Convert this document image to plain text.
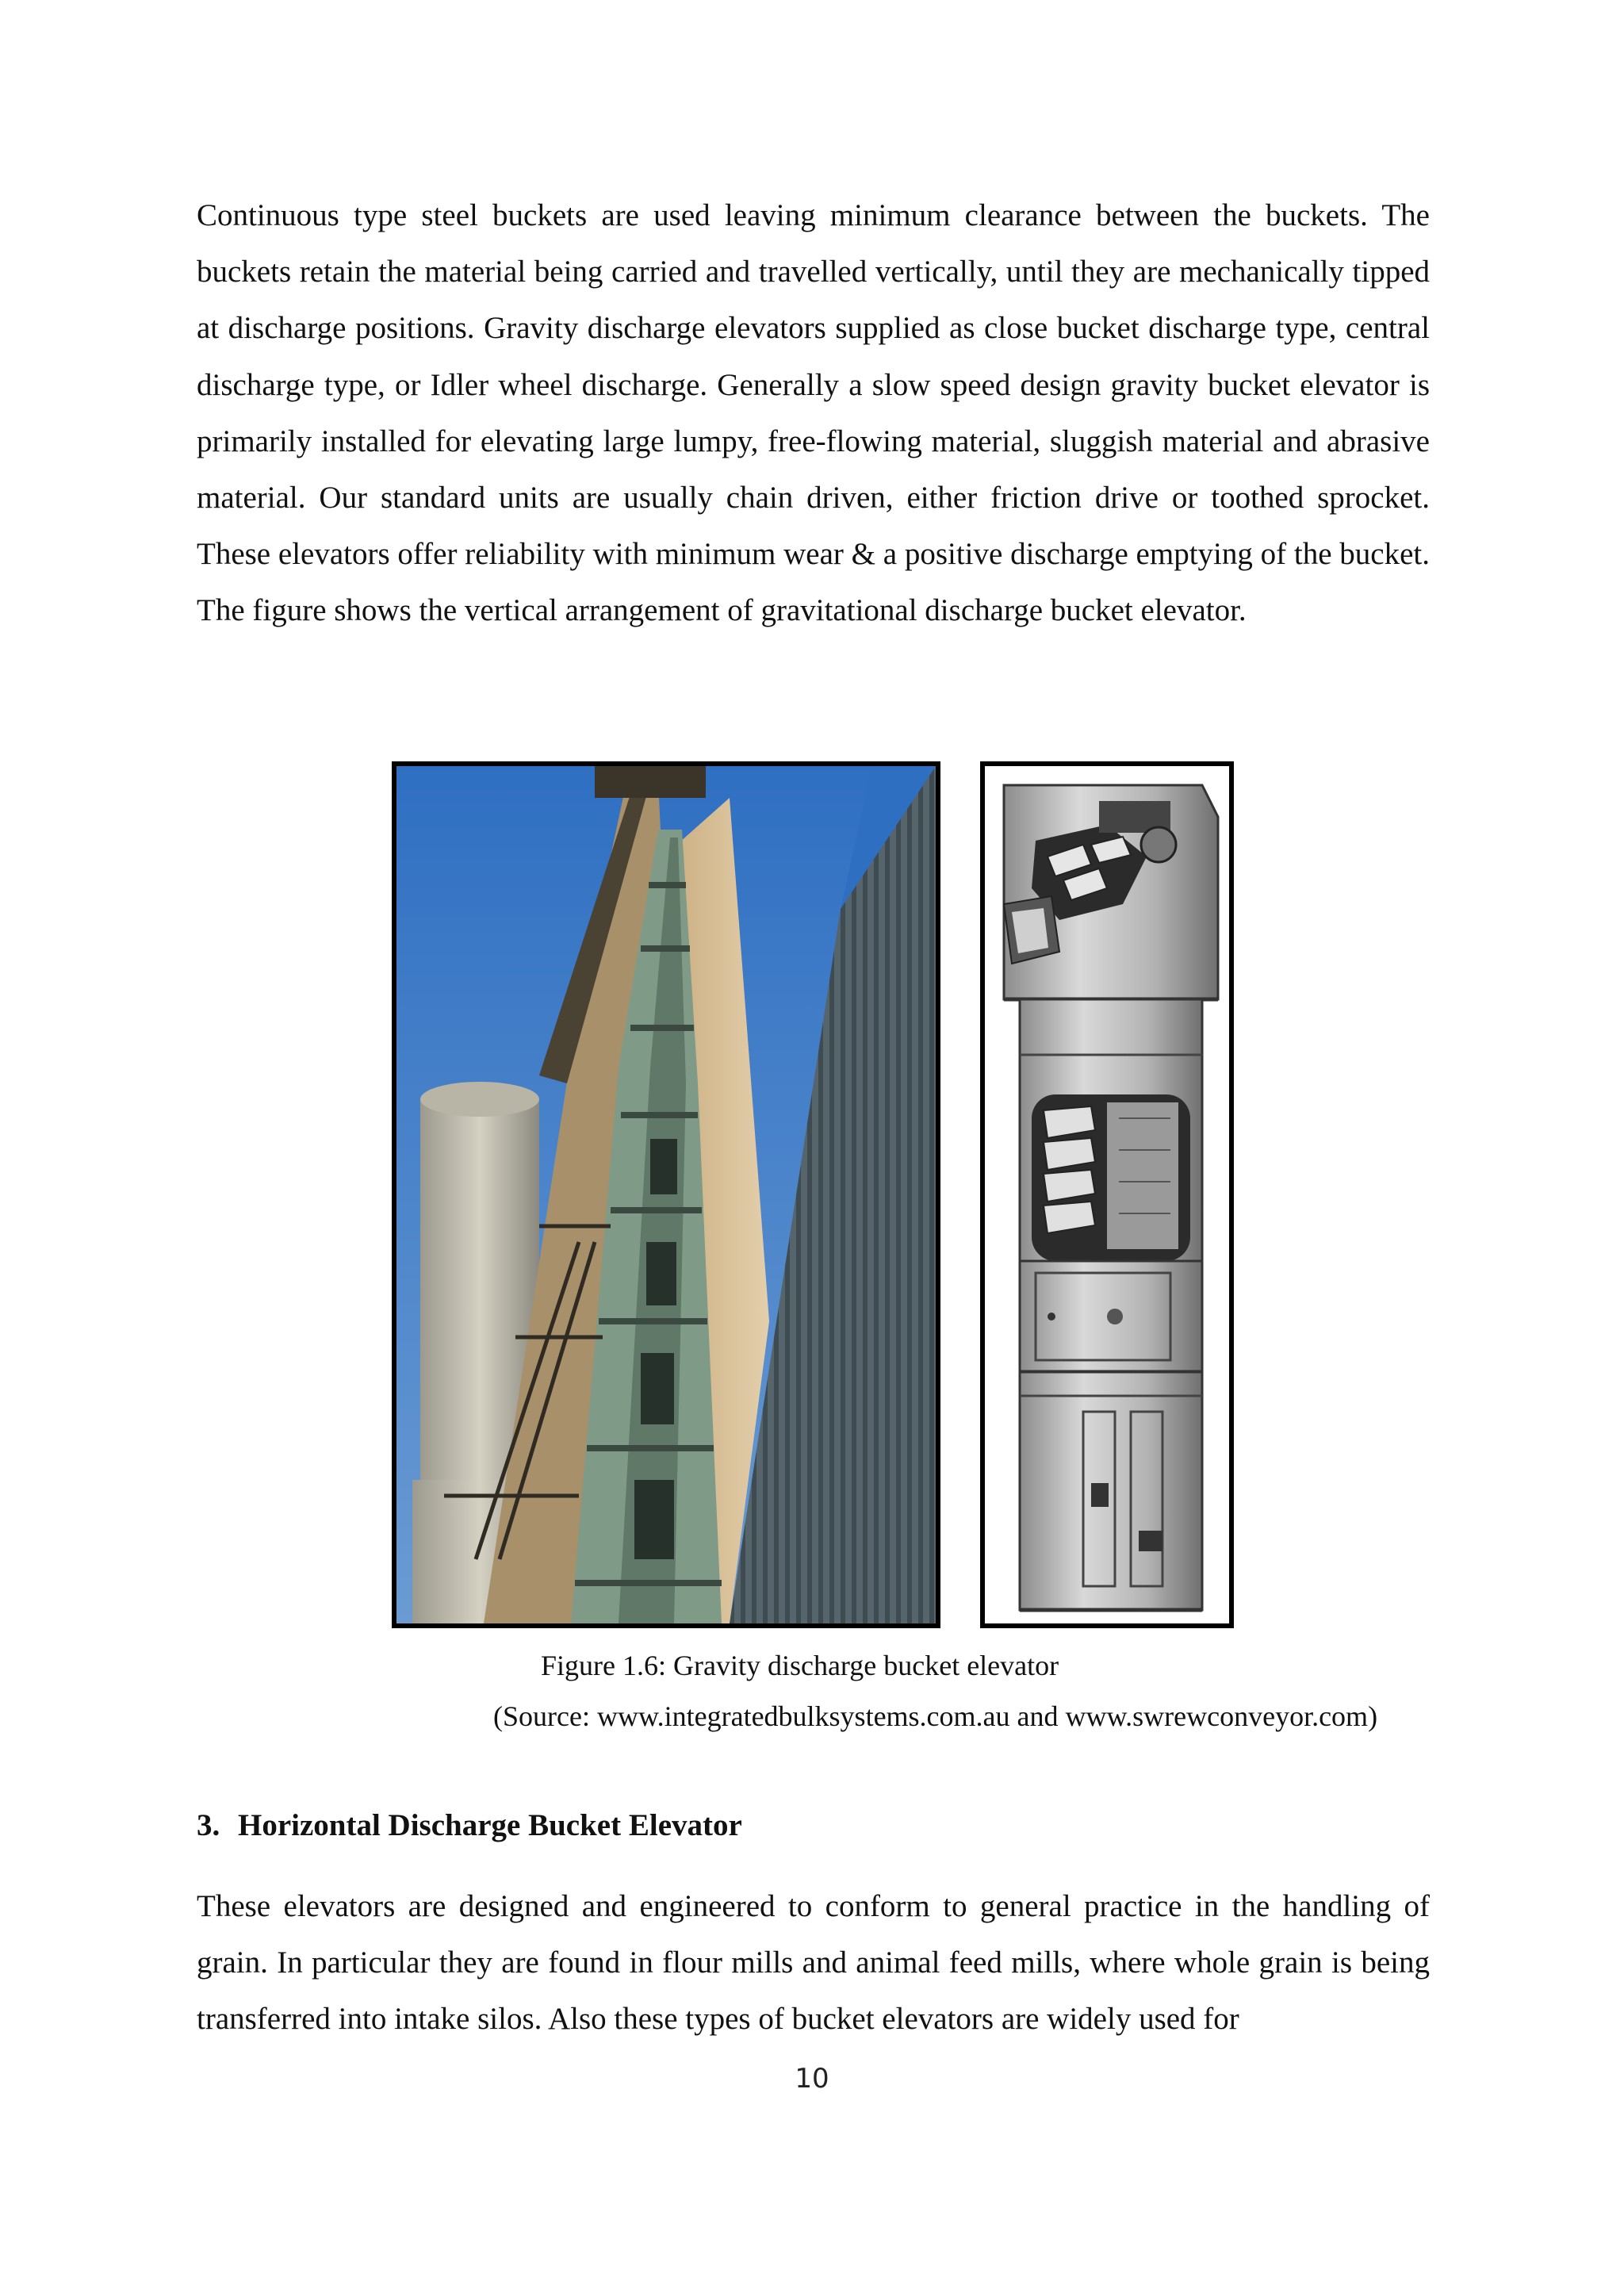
Continuous type steel buckets are used leaving minimum clearance between the buckets. The buckets retain the material being carried and travelled vertically, until they are mechanically tipped at discharge positions. Gravity discharge elevators supplied as close bucket discharge type, central discharge type, or Idler wheel discharge. Generally a slow speed design gravity bucket elevator is primarily installed for elevating large lumpy, free-flowing material, sluggish material and abrasive material. Our standard units are usually chain driven, either friction drive or toothed sprocket. These elevators offer reliability with minimum wear & a positive discharge emptying of the bucket. The figure shows the vertical arrangement of gravitational discharge bucket elevator.

Figure 1.6: Gravity discharge bucket elevator
(Source: www.integratedbulksystems.com.au and www.swrewconveyor.com)
3. Horizontal Discharge Bucket Elevator

These elevators are designed and engineered to conform to general practice in the handling of grain. In particular they are found in flour mills and animal feed mills, where whole grain is being transferred into intake silos. Also these types of bucket elevators are widely used for

10
